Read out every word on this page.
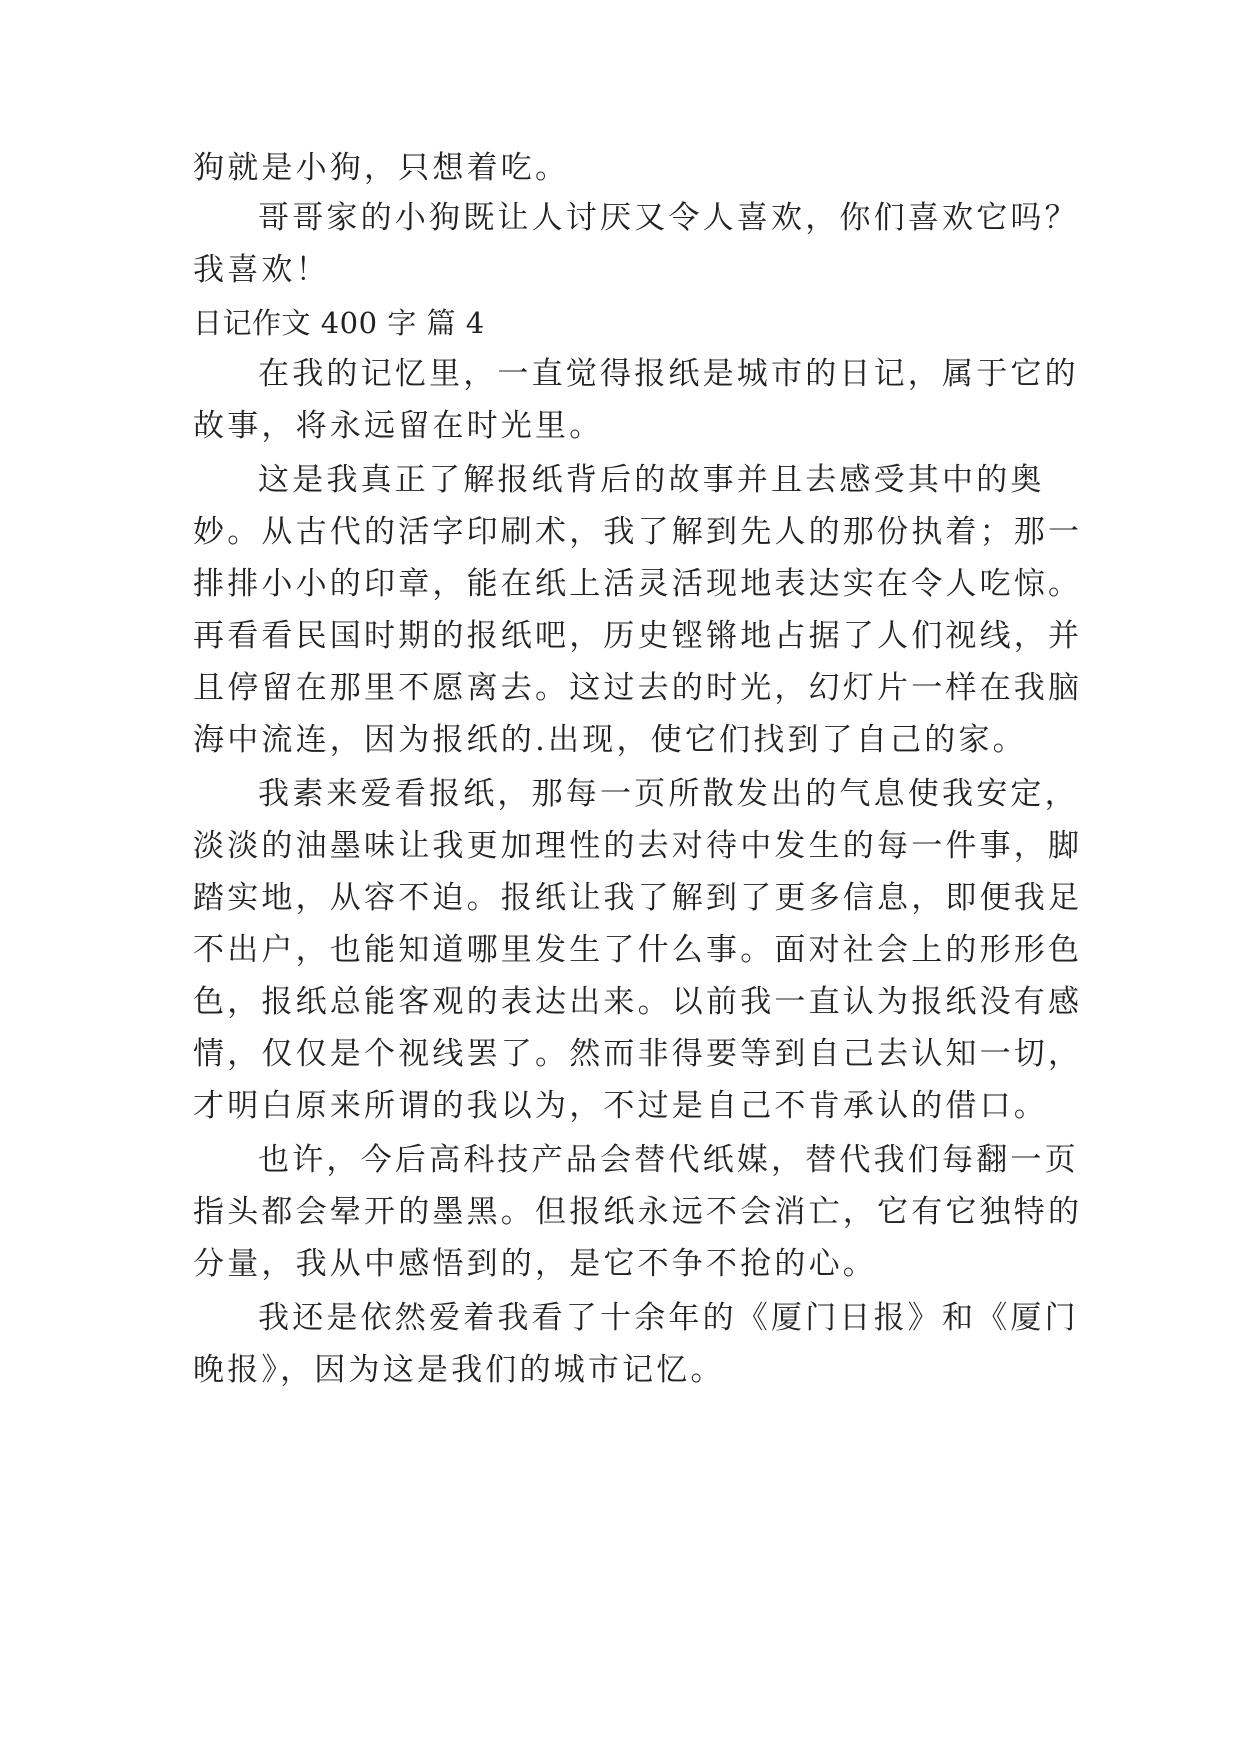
狗就是小狗，只想着吃。
哥哥家的小狗既让人讨厌又令人喜欢，你们喜欢它吗？
我喜欢！
日记作文 400 字 篇 4
在我的记忆里，一直觉得报纸是城市的日记，属于它的
故事，将永远留在时光里。
这是我真正了解报纸背后的故事并且去感受其中的奥
妙。从古代的活字印刷术，我了解到先人的那份执着；那一
排排小小的印章，能在纸上活灵活现地表达实在令人吃惊。
再看看民国时期的报纸吧，历史铿锵地占据了人们视线，并
且停留在那里不愿离去。这过去的时光，幻灯片一样在我脑
海中流连，因为报纸的.出现，使它们找到了自己的家。
我素来爱看报纸，那每一页所散发出的气息使我安定，
淡淡的油墨味让我更加理性的去对待中发生的每一件事，脚
踏实地，从容不迫。报纸让我了解到了更多信息，即便我足
不出户，也能知道哪里发生了什么事。面对社会上的形形色
色，报纸总能客观的表达出来。以前我一直认为报纸没有感
情，仅仅是个视线罢了。然而非得要等到自己去认知一切，
才明白原来所谓的我以为，不过是自己不肯承认的借口。
也许，今后高科技产品会替代纸媒，替代我们每翻一页
指头都会晕开的墨黑。但报纸永远不会消亡，它有它独特的
分量，我从中感悟到的，是它不争不抢的心。
我还是依然爱着我看了十余年的《厦门日报》和《厦门
晚报》，因为这是我们的城市记忆。
